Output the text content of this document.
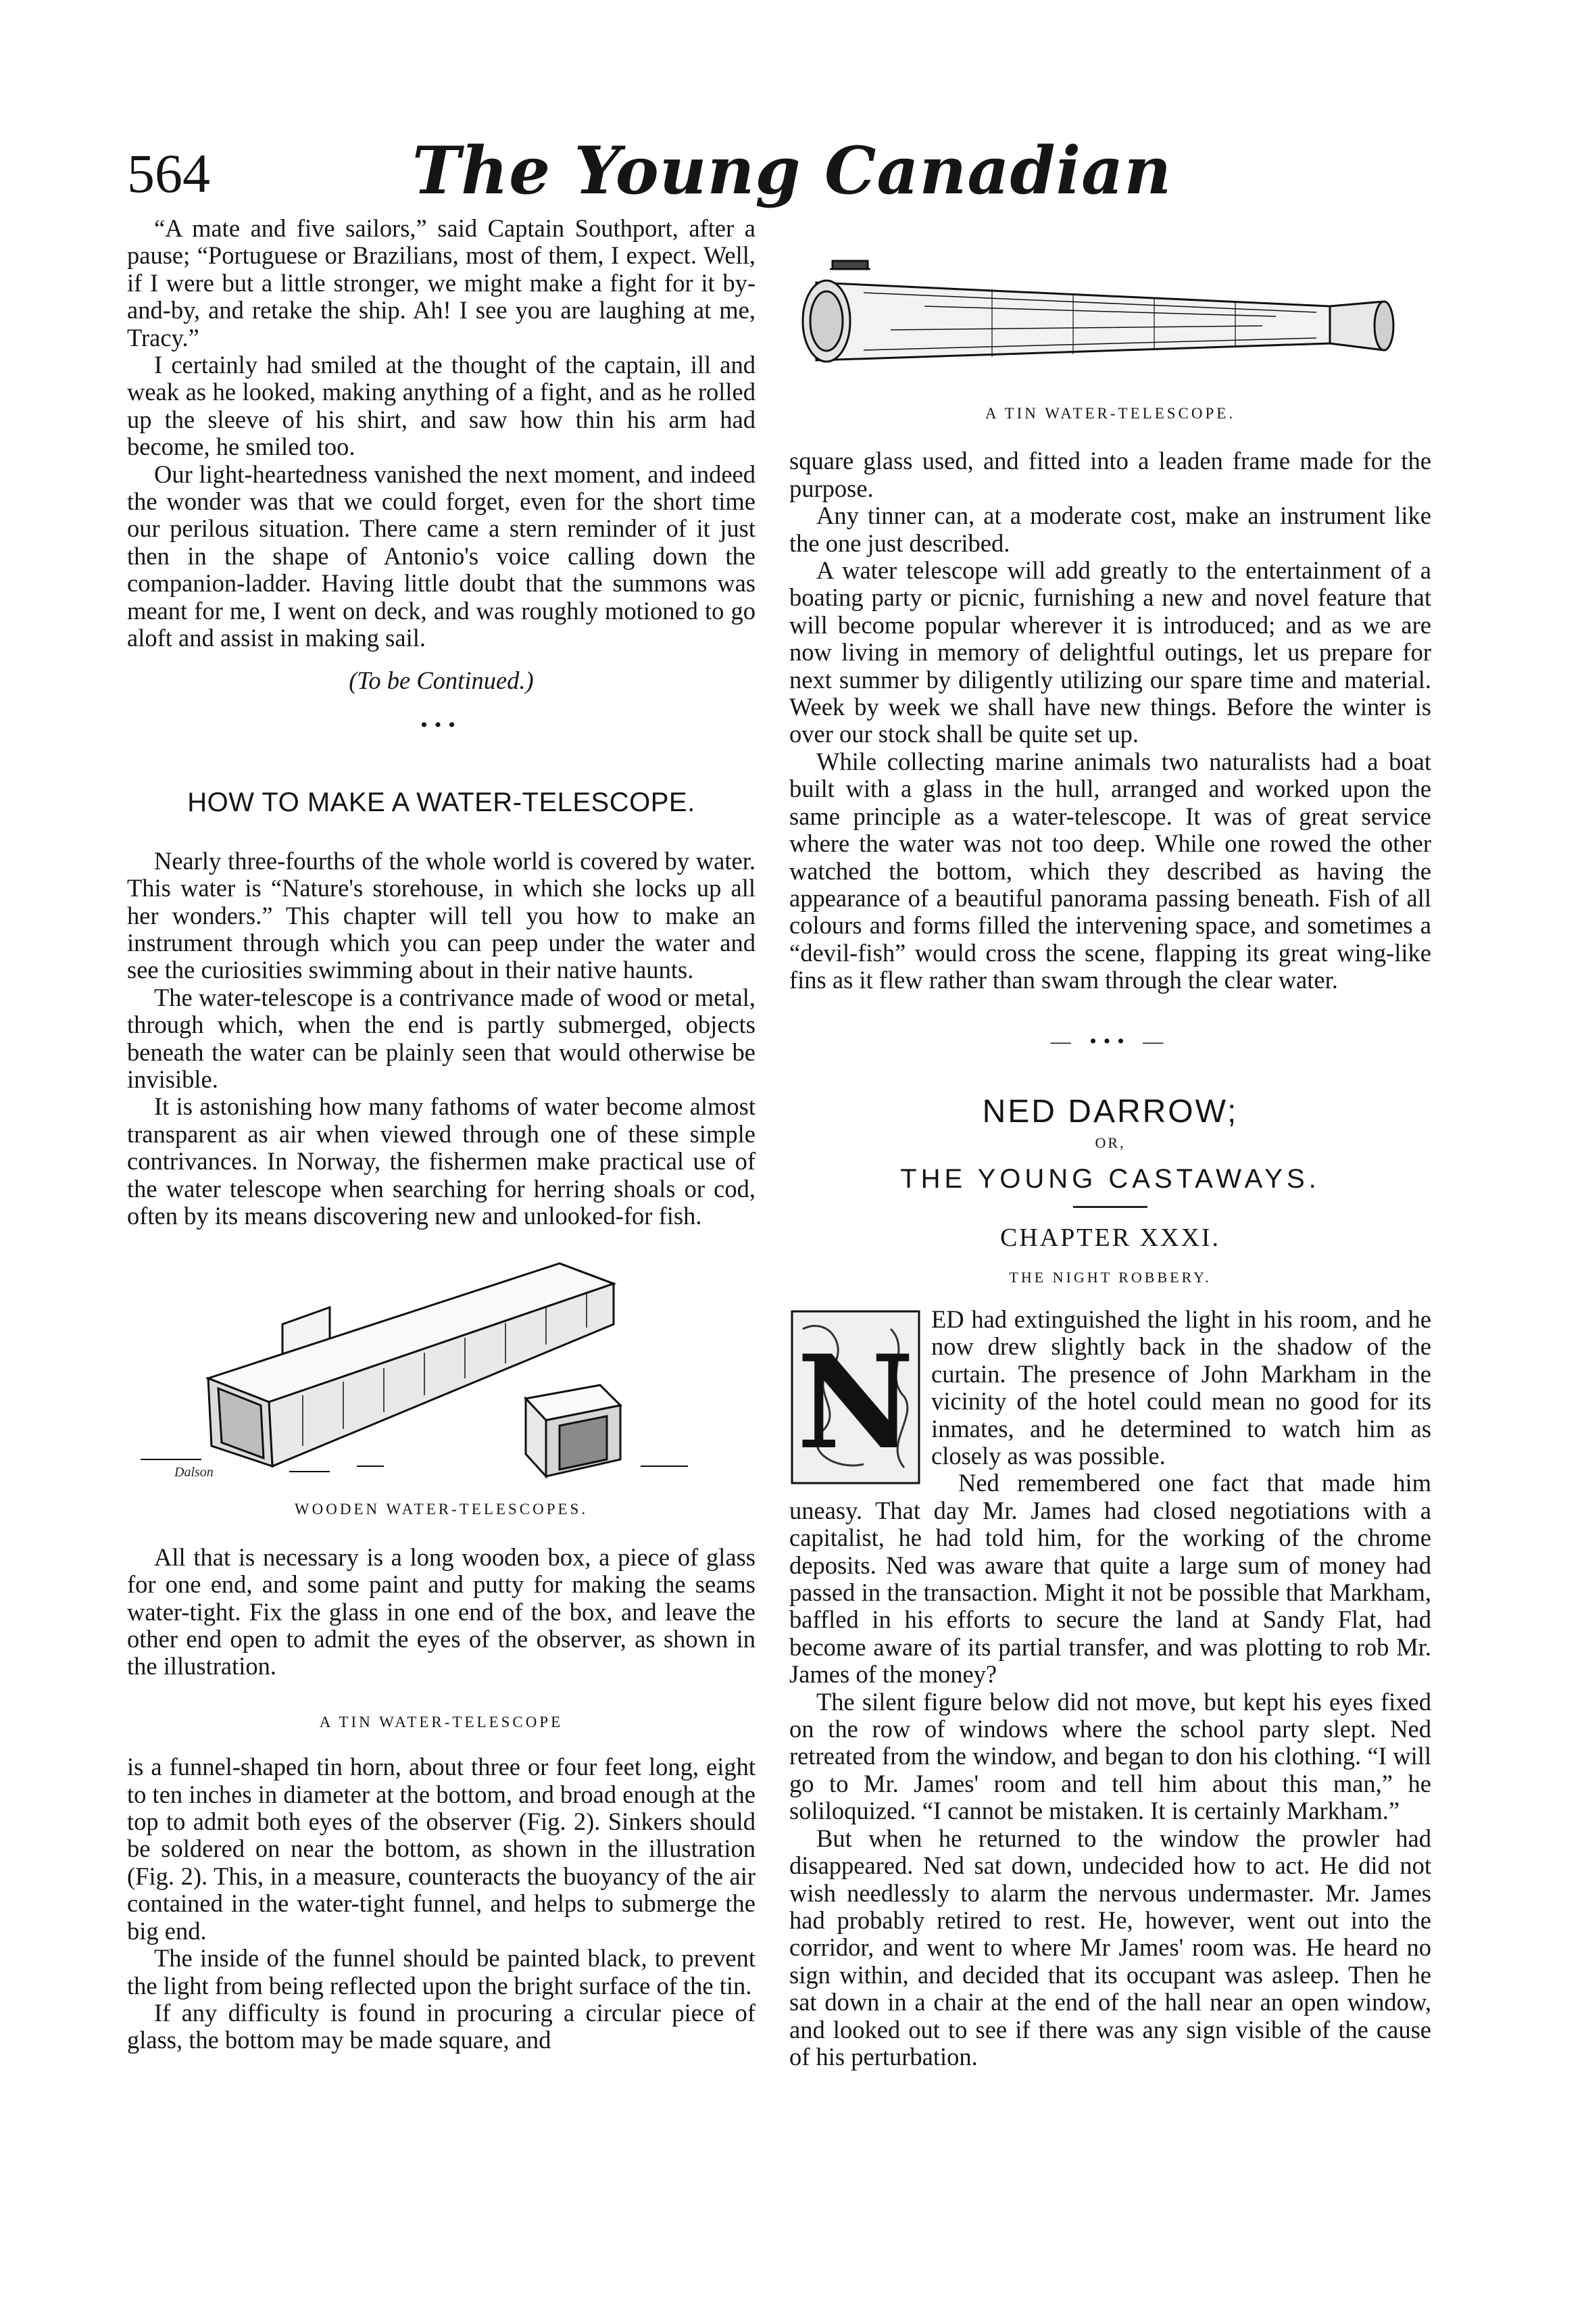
564	The Young Canadian

“A mate and five sailors,” said Captain Southport, after a pause; “Portuguese or Brazilians, most of them, I expect. Well, if I were but a little stronger, we might make a fight for it by-and-by, and retake the ship. Ah! I see you are laughing at me, Tracy.”

I certainly had smiled at the thought of the captain, ill and weak as he looked, making anything of a fight, and as he rolled up the sleeve of his shirt, and saw how thin his arm had become, he smiled too.

Our light-heartedness vanished the next moment, and indeed the wonder was that we could forget, even for the short time our perilous situation. There came a stern reminder of it just then in the shape of Antonio's voice calling down the companion-ladder. Having little doubt that the summons was meant for me, I went on deck, and was roughly motioned to go aloft and assist in making sail.

(To be Continued.)

•••

HOW TO MAKE A WATER-TELESCOPE.

Nearly three-fourths of the whole world is covered by water. This water is “Nature's storehouse, in which she locks up all her wonders.” This chapter will tell you how to make an instrument through which you can peep under the water and see the curiosities swimming about in their native haunts.

The water-telescope is a contrivance made of wood or metal, through which, when the end is partly submerged, objects beneath the water can be plainly seen that would otherwise be invisible.

It is astonishing how many fathoms of water become almost transparent as air when viewed through one of these simple contrivances. In Norway, the fishermen make practical use of the water telescope when searching for herring shoals or cod, often by its means discovering new and unlooked-for fish.

Dalson

WOODEN WATER-TELESCOPES.

All that is necessary is a long wooden box, a piece of glass for one end, and some paint and putty for making the seams water-tight. Fix the glass in one end of the box, and leave the other end open to admit the eyes of the observer, as shown in the illustration.

A TIN WATER-TELESCOPE

is a funnel-shaped tin horn, about three or four feet long, eight to ten inches in diameter at the bottom, and broad enough at the top to admit both eyes of the observer (Fig. 2). Sinkers should be soldered on near the bottom, as shown in the illustration (Fig. 2). This, in a measure, counteracts the buoyancy of the air contained in the water-tight funnel, and helps to submerge the big end.

The inside of the funnel should be painted black, to prevent the light from being reflected upon the bright surface of the tin.

If any difficulty is found in procuring a circular piece of glass, the bottom may be made square, and

A TIN WATER-TELESCOPE.

square glass used, and fitted into a leaden frame made for the purpose.

Any tinner can, at a moderate cost, make an instrument like the one just described.

A water telescope will add greatly to the entertainment of a boating party or picnic, furnishing a new and novel feature that will become popular wherever it is introduced; and as we are now living in memory of delightful outings, let us prepare for next summer by diligently utilizing our spare time and material. Week by week we shall have new things. Before the winter is over our stock shall be quite set up.

While collecting marine animals two naturalists had a boat built with a glass in the hull, arranged and worked upon the same principle as a water-telescope. It was of great service where the water was not too deep. While one rowed the other watched the bottom, which they described as having the appearance of a beautiful panorama passing beneath. Fish of all colours and forms filled the intervening space, and sometimes a “devil-fish” would cross the scene, flapping its great wing-like fins as it flew rather than swam through the clear water.

— ••• —

NED DARROW;

OR,

THE YOUNG CASTAWAYS.

CHAPTER XXXI.

THE NIGHT ROBBERY.

N

ED had extinguished the light in his room, and he now drew slightly back in the shadow of the curtain. The presence of John Markham in the vicinity of the hotel could mean no good for its inmates, and he determined to watch him as closely as was possible.

Ned remembered one fact that made him uneasy. That day Mr. James had closed negotiations with a capitalist, he had told him, for the working of the chrome deposits. Ned was aware that quite a large sum of money had passed in the transaction. Might it not be possible that Markham, baffled in his efforts to secure the land at Sandy Flat, had become aware of its partial transfer, and was plotting to rob Mr. James of the money?

The silent figure below did not move, but kept his eyes fixed on the row of windows where the school party slept. Ned retreated from the window, and began to don his clothing. “I will go to Mr. James' room and tell him about this man,” he soliloquized. “I cannot be mistaken. It is certainly Markham.”

But when he returned to the window the prowler had disappeared. Ned sat down, undecided how to act. He did not wish needlessly to alarm the nervous undermaster. Mr. James had probably retired to rest. He, however, went out into the corridor, and went to where Mr James' room was. He heard no sign within, and decided that its occupant was asleep. Then he sat down in a chair at the end of the hall near an open window, and looked out to see if there was any sign visible of the cause of his perturbation.
